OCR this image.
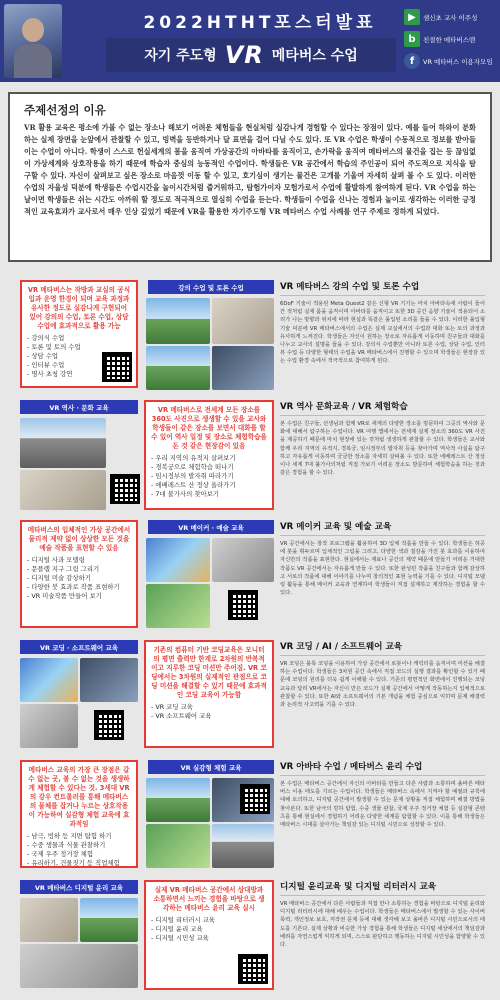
2022HTHT포스터발표
자기 주도형 VR 메타버스 수업
▶	샘신초 교사 이주성
b	친절한 메타버스맨
f	VR 메타버스 이용자모임
주제선정의 이유
VR 활용 교육은 평소에 가볼 수 없는 장소나 해보기 어려운 체험들을 현실처럼 실감나게 경험할 수 있다는 장점이 있다. 예를 들어 하와이 분화하는 실제 장면을 눈앞에서 관찰할 수 있고, 빙벽을 등반하거나 달 표면을 걸어 다닐 수도 있다. 또 VR 수업은 학생이 수동적으로 정보를 받아들이는 수업이 아니다. 학생이 스스로 헌실세계의 몸을 움직여 가상공간의 아바타를 움직이고, 손가락을 움직여 메타버스의 물건을 집는 등 끊임없이 가상세계와 상호작용을 하기 때문에 학습자 중심의 능동적인 수업이다. 학생들은 VR 공간에서 학습의 주인공이 되어 주도적으로 지식을 탐구할 수 있다. 자신이 살펴보고 싶은 장소로 마음껏 이동 할 수 있고, 호기심이 생기는 물건은 고개를 기울여 자세히 살펴 볼 수 도 있다. 이러한 수업의 자율성 덕분에 학생들은 수업시간을 놀이시간처럼 즐거워하고, 탐험가이자 모험가로서 수업에 활발하게 참여하게 된다. VR 수업을 하는 날이면 학생들은 쉬는 시간도 아까워 할 정도로 적극적으로 열심히 수업을 듣는다. 학생들이 수업을 신나는 경험과 놀이로 생각하는 이러한 긍정적인 교육효과가 교사로서 매우 인상 깊었기 때문에 VR을 활용한 자기주도형 VR 메타버스 수업 사례를 연구 주제로 정하게 되었다.
VR 메타버스는 작방과 교실의 공식입과 운영 한경이 되며 교육 과정과 유사한 정도로 실감나게 구현되어 있어 강의의 수업, 토론 수업, 상담 수업에 효과적으로 활용 가능
- 강의식 수업
- 토론 및 토의 수업
- 상담 수업
- 인터뷰 수업
- 명사 초청 강연
강의 수업 및 토론 수업	VR 메타버스 강의 수업 및 토론 수업
6DoF 기술이 적용된 Meta Quest2 같은 신형 VR 기기는 마치 아바타속에 사람이 들어간 것처럼 실제 몸을 움직이며 아바타를 움직이고 또한 3D 공간 음향 기술이 적용되어 소리가 나는 방향과 위치에 따라 현실과 똑같은 몰입된 소리를 들을 수 있다. 이러한 몰입형 기술 덕분에 VR 메타버스에서의 수업은 실제 교실에서의 수업과 대화 또는 토의 과정과 유사하게 느껴진다. 학생들은 자신이 원하는 장소로 자유롭게 이동하며 친구들과 대화를 나누고 교사의 설명을 들을 수 있다. 강의식 수업뿐만 아니라 토론 수업, 상담 수업, 인터뷰 수업 등 다양한 형태의 수업을 VR 메타버스에서 진행할 수 있으며 학생들은 현장감 있는 수업 환경 속에서 적극적으로 참여하게 된다.
VR 역사 · 문화 교육	VR 메타버스로 전세계 모든 장소를 360도 사진으로 생생할 수 있을 교사와 학생들이 같은 장소를 보면서 대화를 할 수 있어 역사 일정 및 장소로 체험학습을 돈 것 같은 현장감이 있음
- 우리 지역의 유적지 살펴보기
- 경복궁으로 체험학습 떠나기
- 임시정부의 발자취 따라가기
- 에베레스트 산 정상 올라가기
- 7대 불가사의 찾아보기
VR 역사 문화교육 / VR 체험학습
본 수업은 친구들, 선생님과 함께 VR로 세계의 다양한 장소를 방문하여 그곳의 역사와 문화에 대해서 탐구하는 수업이다. VR 여행 앱에서는 전세계 실제 장소의 360도 VR 사진을 제공하기 때문에 마치 현장에 있는 것처럼 생생하게 관찰할 수 있다. 학생들은 교사와 함께 우리 지역의 유적지, 경복궁, 임시정부의 발자취 등을 찾아가며 역사적 사실을 탐구하고 자유롭게 이동하며 궁금한 장소를 자세히 살펴볼 수 있다. 또한 에베레스트 산 정상이나 세계 7대 불가사의처럼 직접 가보기 어려운 장소도 방문하여 체험학습을 하는 것과 같은 경험을 할 수 있다.
메타버스의 입체적인 가상 공간에서 물리적 제약 없이 상상한 모든 것을 예술 작품을 표현할 수 있음
- 디지털 사과 모델링
- 문플랩 지구 그림 그리기
- 디지털 미술 감상하기
- 다양한 붓 효과로 작품 표현하기
- VR 미술작품 만들어 보기
VR 메이커 · 예술 교육	VR 메이커 교육 및 예술 교육
VR 공간에서는 창작 프로그램을 활용하여 3D 입체 작품을 만들 수 있다. 학생들은 허공에 붓을 휘두르며 입체적인 그림을 그리고, 다양한 색과 질감을 가진 붓 효과를 이용하여 자신만의 작품을 표현한다. 현실에서는 재료나 공간의 제약 때문에 만들기 어려운 거대한 작품도 VR 공간에서는 자유롭게 만들 수 있다. 또한 완성된 작품을 친구들과 함께 감상하고 서로의 작품에 대해 이야기를 나누며 창의적인 표현 능력을 기를 수 있다. 디지털 모델링 활동을 통해 메이커 교육과 연계하여 학생들이 직접 설계하고 제작하는 경험을 할 수 있다.
VR 코딩 · 소프트웨어 교육	기존의 컴퓨터 기반 코딩교육은 모니터의 평면 출력만 한계로 2차원의 반복적이고 지루한 코딩 미션만 주어짐. VR 코딩에서는 3차원의 실제적인 관점으로 코딩 미션을 해결할 수 있기 때문에 효과적인 코딩 교육이 가능함
- VR 코딩 교육
- VR 소프트웨어 교육
VR 코딩 / AI / 소프트웨어 교육
VR 코딩은 블록 코딩을 이용하여 가상 공간에서 로봇이나 캐릭터를 움직이며 미션을 해결하는 수업이다. 학생들은 3차원 공간 속에서 직접 코드의 실행 결과를 확인할 수 있기 때문에 코딩의 원리를 더욱 쉽게 이해할 수 있다. 기존의 평면적인 화면에서 진행되는 코딩 교육과 달리 VR에서는 자신이 만든 코드가 실제 공간에서 어떻게 작동하는지 입체적으로 관찰할 수 있다. 또한 AI와 소프트웨어의 기본 개념을 체험 중심으로 익히며 문제 해결력과 논리적 사고력을 기를 수 있다.
메타버스 교육의 가장 큰 장점은 갈 수 없는 곳, 볼 수 없는 것을 생생하게 체험할 수 있다는 것. 3세대 VR의 강우 컨트롤러를 통해 메타버스의 물체를 잡거나 누르는 상호작용이 가능하여 실감형 체험 교육에 효과적임
- 남극, 빙하 등 지면 탐험 하기
- 수중 생물과 식물 관찰하기
- 국제 우주 정거장 체험
- 유리하기, 건물짓기 등 직업체험
VR 실감형 체험 교육	VR 아바타 수업 / 메타버스 윤리 수업
본 수업은 메타버스 공간에서 자신의 아바타를 만들고 다른 사람과 소통하며 올바른 메타버스 이용 태도를 기르는 수업이다. 학생들은 메타버스 속에서 지켜야 할 예절과 규칙에 대해 토의하고, 디지털 공간에서 발생할 수 있는 문제 상황을 직접 체험하며 해결 방법을 찾아본다. 또한 남극의 빙하 탐험, 수중 생물 관찰, 국제 우주 정거장 체험 등 실감형 콘텐츠를 통해 현실에서 경험하기 어려운 다양한 세계를 탐험할 수 있다. 이를 통해 학생들은 메타버스 시대를 살아가는 책임감 있는 디지털 시민으로 성장할 수 있다.
VR 메타버스 디지털 윤리 교육	실제 VR 메타버스 공간에서 상대방과 소통하면서 느끼는 경험을 바탕으로 생각하는 메타버스 윤리 교육 실시
- 디지털 리터러시 교육
- 디지털 윤리 교육
- 디지털 시민성 교육
디지털 윤리교육 및 디지털 리터러시 교육
VR 메타버스 공간에서 다른 사람들과 직접 만나 소통하는 경험을 바탕으로 디지털 윤리와 디지털 리터러시에 대해 배우는 수업이다. 학생들은 메타버스에서 발생할 수 있는 사이버 폭력, 개인정보 보호, 저작권 문제 등에 대해 생각해 보고 올바른 디지털 시민으로서의 태도를 기른다. 실제 상황과 비슷한 가상 경험을 통해 학생들은 디지털 세상에서의 책임감과 배려를 자연스럽게 익히게 되며, 스스로 판단하고 행동하는 디지털 시민성을 함양할 수 있다.
